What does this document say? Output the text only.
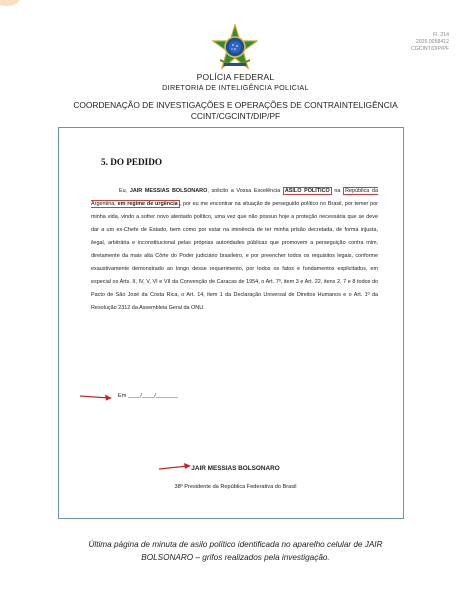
Fl. 214
2025.0058412
CGCINT/DIP/PF
POLÍCIA FEDERAL
DIRETORIA DE INTELIGÊNCIA POLICIAL
COORDENAÇÃO DE INVESTIGAÇÕES E OPERAÇÕES DE CONTRAINTELIGÊNCIA
CCINT/CGCINT/DIP/PF
5. DO PEDIDO

Eu, JAIR MESSIAS BOLSONARO, solicito a Vossa Excelência ASILO POLÍTICO na República da Argentina, em regime de urgência , por eu me encontrar na situação de perseguido político no Brasil, por temer por minha vida, vindo a sofrer novo atentado político, uma vez que não possuo hoje a proteção necessária que se deve dar a um ex-Chefe de Estado, bem como por estar na iminência de ter minha prisão decretada, de forma injusta, ilegal, arbitrária e inconstitucional pelas próprias autoridades públicas que promovem a perseguição contra mim, diretamente da mais alta Côrte do Poder judiciário brasileiro, e por preencher todos os requisitos legais, conforme exaustivamente demonstrado ao longo desse requerimento, por todos os fatos e fundamentos explicitados, em especial os Arts. II, IV, V, VI e VII da Convenção de Caracas de 1954, o Art. 7º, item 3 e Art. 22, itens 2, 7 e 8 todos do Pacto de São José da Costa Rica, o Art. 14, item 1 da Declaração Universal de Direitos Humanos e o Art. 1º da Resolução 2312 da Assembleia Geral da ONU.

Em ____/____/_______
JAIR MESSIAS BOLSONARO
38º Presidente da República Federativa do Brasil
Última página de minuta de asilo político identificada no aparelho celular de JAIR
BOLSONARO – grifos realizados pela investigação.
